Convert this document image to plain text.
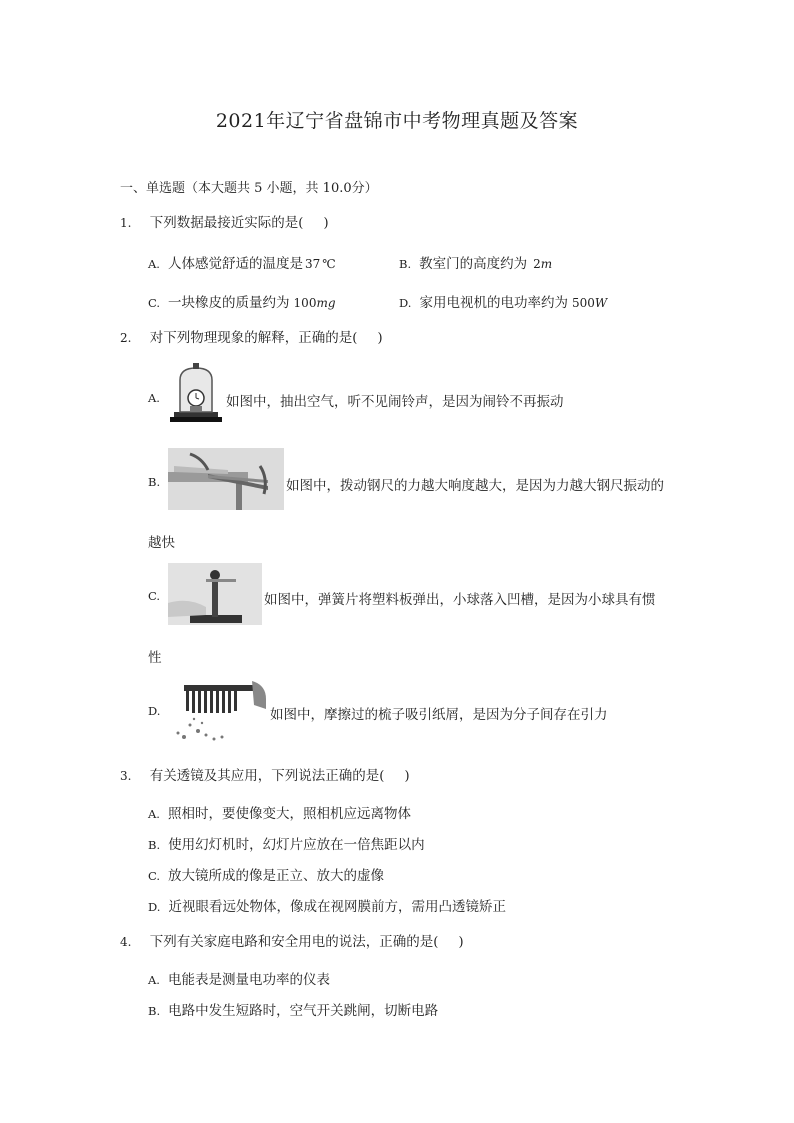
2021年辽宁省盘锦市中考物理真题及答案
一、单选题（本大题共 5 小题，共 10.0分）
1. 下列数据最接近实际的是( )
A. 人体感觉舒适的温度是 37 ℃	B. 教室门的高度约为 2m
C. 一块橡皮的质量约为 100mg	D. 家用电视机的电功率约为 500W
2. 对下列物理现象的解释，正确的是( )
A.	如图中，抽出空气，听不见闹铃声，是因为闹铃不再振动
B.	如图中，拨动钢尺的力越大响度越大，是因为力越大钢尺振动的
越快
C.	如图中，弹簧片将塑料板弹出，小球落入凹槽，是因为小球具有惯
性
D.	如图中，摩擦过的梳子吸引纸屑，是因为分子间存在引力
3. 有关透镜及其应用，下列说法正确的是( )
A. 照相时，要使像变大，照相机应远离物体
B. 使用幻灯机时，幻灯片应放在一倍焦距以内
C. 放大镜所成的像是正立、放大的虚像
D. 近视眼看远处物体，像成在视网膜前方，需用凸透镜矫正
4. 下列有关家庭电路和安全用电的说法，正确的是( )
A. 电能表是测量电功率的仪表
B. 电路中发生短路时，空气开关跳闸，切断电路
